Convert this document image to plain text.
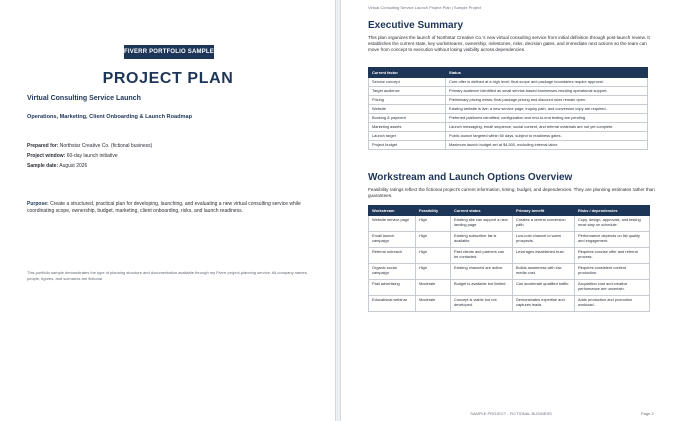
FIVERR PORTFOLIO SAMPLE
PROJECT PLAN
Virtual Consulting Service Launch
Operations, Marketing, Client Onboarding & Launch Roadmap
Prepared for: Northstar Creative Co. (fictional business)
Project window: 60-day launch initiative
Sample date: August 2026
Purpose: Create a structured, practical plan for developing, launching, and evaluating a new virtual consulting service while coordinating scope, ownership, budget, marketing, client onboarding, risks, and launch readiness.
This portfolio sample demonstrates the type of planning structure and documentation available through my Fiverr project-planning service. All company names, people, figures, and scenarios are fictional.
Virtual Consulting Service Launch Project Plan | Sample Project
Executive Summary
This plan organizes the launch of Northstar Creative Co.'s new virtual consulting service from initial definition through post-launch review. It establishes the current state, key workstreams, ownership, milestones, risks, decision gates, and immediate next actions so the team can move from concept to execution without losing visibility across dependencies.
Current factor	Status
Service concept	Core offer is defined at a high level; final scope and package boundaries require approval.
Target audience	Primary audience identified as small service-based businesses needing operational support.
Pricing	Preliminary pricing exists; final package pricing and discount rules remain open.
Website	Existing website is live; a new service page, inquiry path, and conversion copy are required.
Booking & payment	Preferred platforms identified; configuration and end-to-end testing are pending.
Marketing assets	Launch messaging, email sequence, social content, and referral materials are not yet complete.
Launch target	Public launch targeted within 60 days, subject to readiness gates.
Project budget	Maximum launch budget set at $4,500, excluding internal labor.
Workstream and Launch Options Overview
Feasibility ratings reflect the fictional project's current information, timing, budget, and dependencies. They are planning estimates rather than guarantees.
Workstream	Feasibility	Current status	Primary benefit	Risks / dependencies
Website service page	High	Existing site can support a new landing page.	Creates a central conversion path.	Copy, design, approvals, and testing must stay on schedule.
Email launch campaign	High	Existing subscriber list is available.	Low-cost channel to warm prospects.	Performance depends on list quality and engagement.
Referral outreach	High	Past clients and partners can be contacted.	Leverages established trust.	Requires concise offer and referral process.
Organic social campaign	High	Existing channels are active.	Builds awareness with low media cost.	Requires consistent content production.
Paid advertising	Moderate	Budget is available but limited.	Can accelerate qualified traffic.	Acquisition cost and creative performance are uncertain.
Educational webinar	Moderate	Concept is viable but not developed.	Demonstrates expertise and captures leads.	Adds production and promotion workload.
SAMPLE PROJECT - FICTIONAL BUSINESS	Page 2
